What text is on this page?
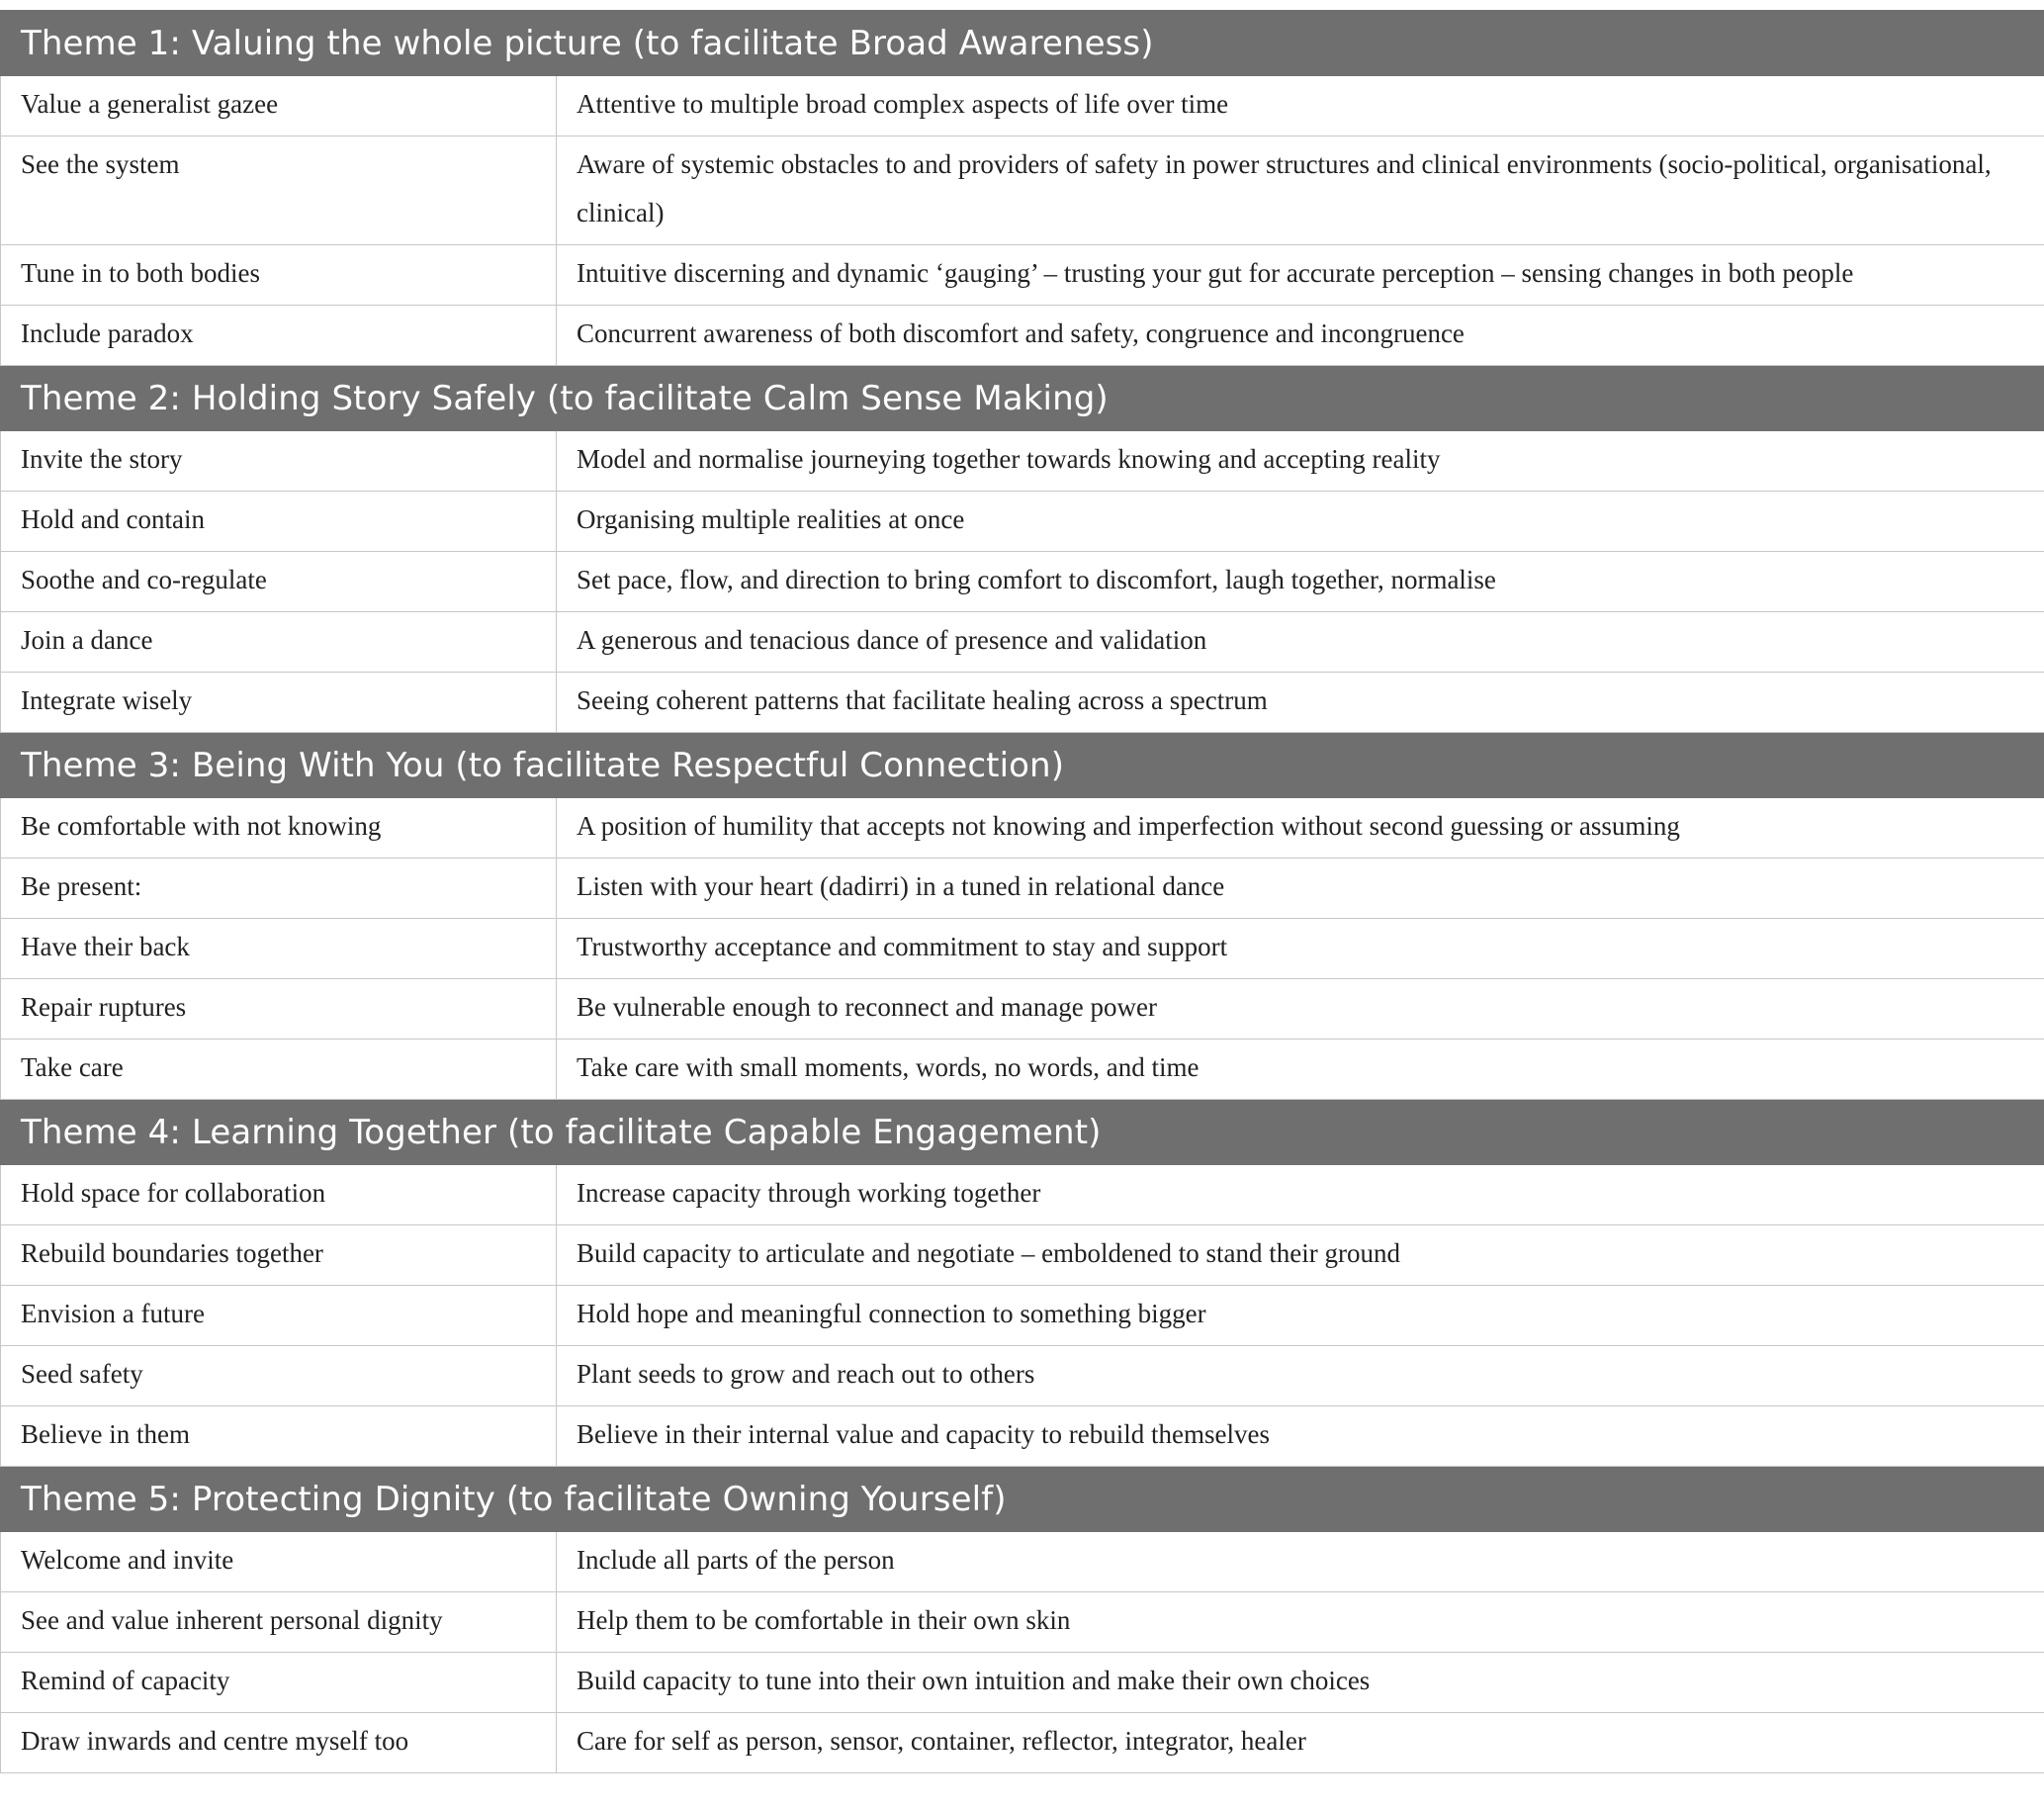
Theme 1: Valuing the whole picture (to facilitate Broad Awareness)	

Value a generalist gazee	Attentive to multiple broad complex aspects of life over time

See the system	Aware of systemic obstacles to and providers of safety in power structures and clinical environments (socio-political, organisational, clinical)

Tune in to both bodies	Intuitive discerning and dynamic ‘gauging’ – trusting your gut for accurate perception – sensing changes in both people

Include paradox	Concurrent awareness of both discomfort and safety, congruence and incongruence

Theme 2: Holding Story Safely (to facilitate Calm Sense Making)	

Invite the story	Model and normalise journeying together towards knowing and accepting reality

Hold and contain	Organising multiple realities at once

Soothe and co-regulate	Set pace, flow, and direction to bring comfort to discomfort, laugh together, normalise

Join a dance	A generous and tenacious dance of presence and validation

Integrate wisely	Seeing coherent patterns that facilitate healing across a spectrum

Theme 3: Being With You (to facilitate Respectful Connection)	

Be comfortable with not knowing	A position of humility that accepts not knowing and imperfection without second guessing or assuming

Be present:	Listen with your heart (dadirri) in a tuned in relational dance

Have their back	Trustworthy acceptance and commitment to stay and support

Repair ruptures	Be vulnerable enough to reconnect and manage power

Take care	Take care with small moments, words, no words, and time

Theme 4: Learning Together (to facilitate Capable Engagement)	

Hold space for collaboration	Increase capacity through working together

Rebuild boundaries together	Build capacity to articulate and negotiate – emboldened to stand their ground

Envision a future	Hold hope and meaningful connection to something bigger

Seed safety	Plant seeds to grow and reach out to others

Believe in them	Believe in their internal value and capacity to rebuild themselves

Theme 5: Protecting Dignity (to facilitate Owning Yourself)	

Welcome and invite	Include all parts of the person

See and value inherent personal dignity	Help them to be comfortable in their own skin

Remind of capacity	Build capacity to tune into their own intuition and make their own choices

Draw inwards and centre myself too	Care for self as person, sensor, container, reflector, integrator, healer
